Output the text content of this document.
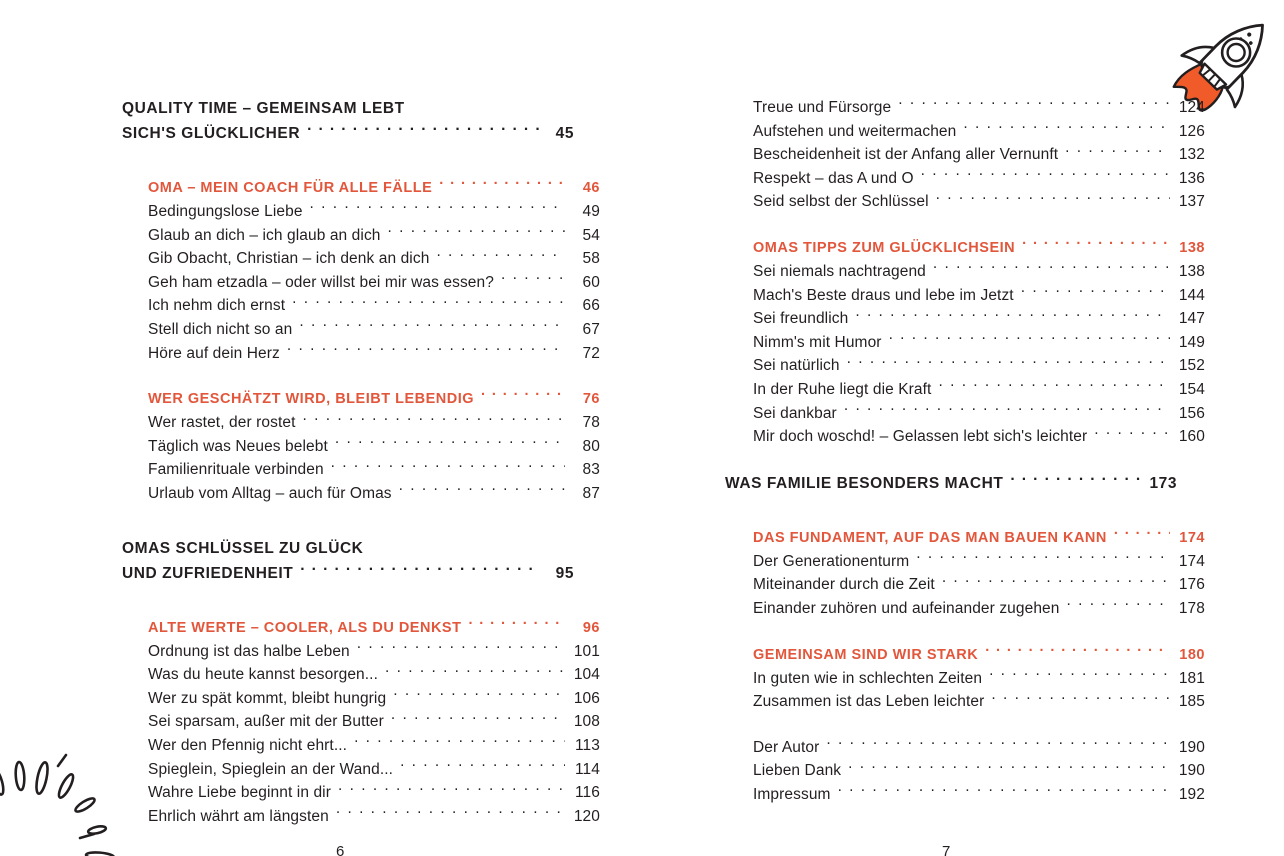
QUALITY TIME – GEMEINSAM LEBT
SICH'S GLÜCKLICHER . . .	45
OMA – MEIN COACH FÜR ALLE FÄLLE . . .	46
Bedingungslose Liebe . . .	49
Glaub an dich – ich glaub an dich . . .	54
Gib Obacht, Christian – ich denk an dich . . .	58
Geh ham etzadla – oder willst bei mir was essen? . . .	60
Ich nehm dich ernst . . .	66
Stell dich nicht so an . . .	67
Höre auf dein Herz . . .	72
WER GESCHÄTZT WIRD, BLEIBT LEBENDIG . . .	76
Wer rastet, der rostet . . .	78
Täglich was Neues belebt . . .	80
Familienrituale verbinden . . .	83
Urlaub vom Alltag – auch für Omas . . .	87
OMAS SCHLÜSSEL ZU GLÜCK
UND ZUFRIEDENHEIT . . .	95
ALTE WERTE – COOLER, ALS DU DENKST . . .	96
Ordnung ist das halbe Leben . . .	101
Was du heute kannst besorgen... . . .	104
Wer zu spät kommt, bleibt hungrig . . .	106
Sei sparsam, außer mit der Butter . . .	108
Wer den Pfennig nicht ehrt... . . .	113
Spieglein, Spieglein an der Wand... . . .	114
Wahre Liebe beginnt in dir . . .	116
Ehrlich währt am längsten . . .	120
Treue und Fürsorge . . .	124
Aufstehen und weitermachen . . .	126
Bescheidenheit ist der Anfang aller Vernunft . . .	132
Respekt – das A und O . . .	136
Seid selbst der Schlüssel . . .	137
OMAS TIPPS ZUM GLÜCKLICHSEIN . . .	138
Sei niemals nachtragend . . .	138
Mach's Beste draus und lebe im Jetzt . . .	144
Sei freundlich . . .	147
Nimm's mit Humor . . .	149
Sei natürlich . . .	152
In der Ruhe liegt die Kraft . . .	154
Sei dankbar . . .	156
Mir doch woschd! – Gelassen lebt sich's leichter . . .	160
WAS FAMILIE BESONDERS MACHT . . .	173
DAS FUNDAMENT, AUF DAS MAN BAUEN KANN . . .	174
Der Generationenturm . . .	174
Miteinander durch die Zeit . . .	176
Einander zuhören und aufeinander zugehen . . .	178
GEMEINSAM SIND WIR STARK . . .	180
In guten wie in schlechten Zeiten . . .	181
Zusammen ist das Leben leichter . . .	185
Der Autor . . .	190
Lieben Dank . . .	190
Impressum . . .	192
6	7
